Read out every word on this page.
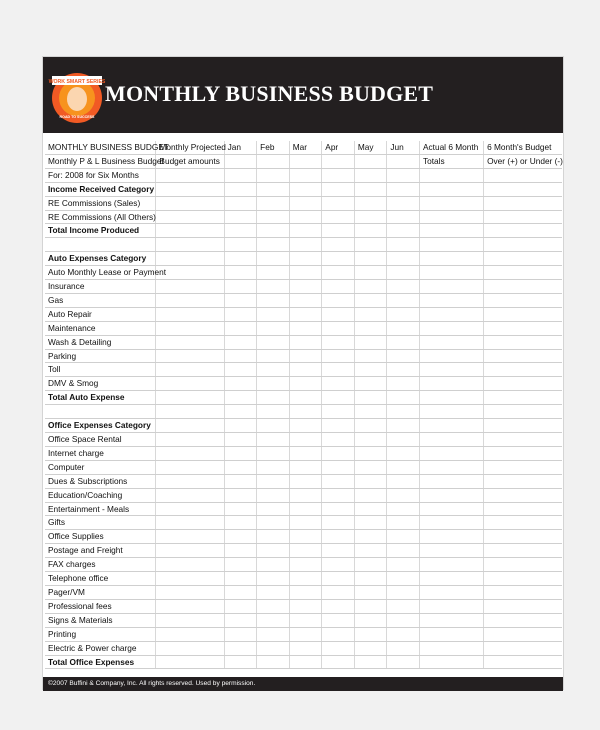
WORK SMART SERIES
ROAD TO SUCCESS
MONTHLY BUSINESS BUDGET
MONTHLY BUSINESS BUDGET	Monthly Projected	Jan	Feb	Mar	Apr	May	Jun	Actual 6 Month	6 Month's Budget
Monthly P & L Business Budget	Budget amounts							Totals	Over (+) or Under (-)
For: 2008 for Six Months									
Income Received Category									
RE Commissions (Sales)									
RE Commissions (All Others)									
Total Income Produced									

Auto Expenses Category									
Auto Monthly Lease or Payment									
Insurance									
Gas									
Auto Repair									
Maintenance									
Wash & Detailing									
Parking									
Toll									
DMV & Smog									
Total Auto Expense									

Office Expenses Category									
Office Space Rental									
Internet charge									
Computer									
Dues & Subscriptions									
Education/Coaching									
Entertainment - Meals									
Gifts									
Office Supplies									
Postage and Freight									
FAX charges									
Telephone office									
Pager/VM									
Professional fees									
Signs & Materials									
Printing									
Electric & Power charge									
Total Office Expenses									
©2007 Buffini & Company, Inc. All rights reserved. Used by permission.
